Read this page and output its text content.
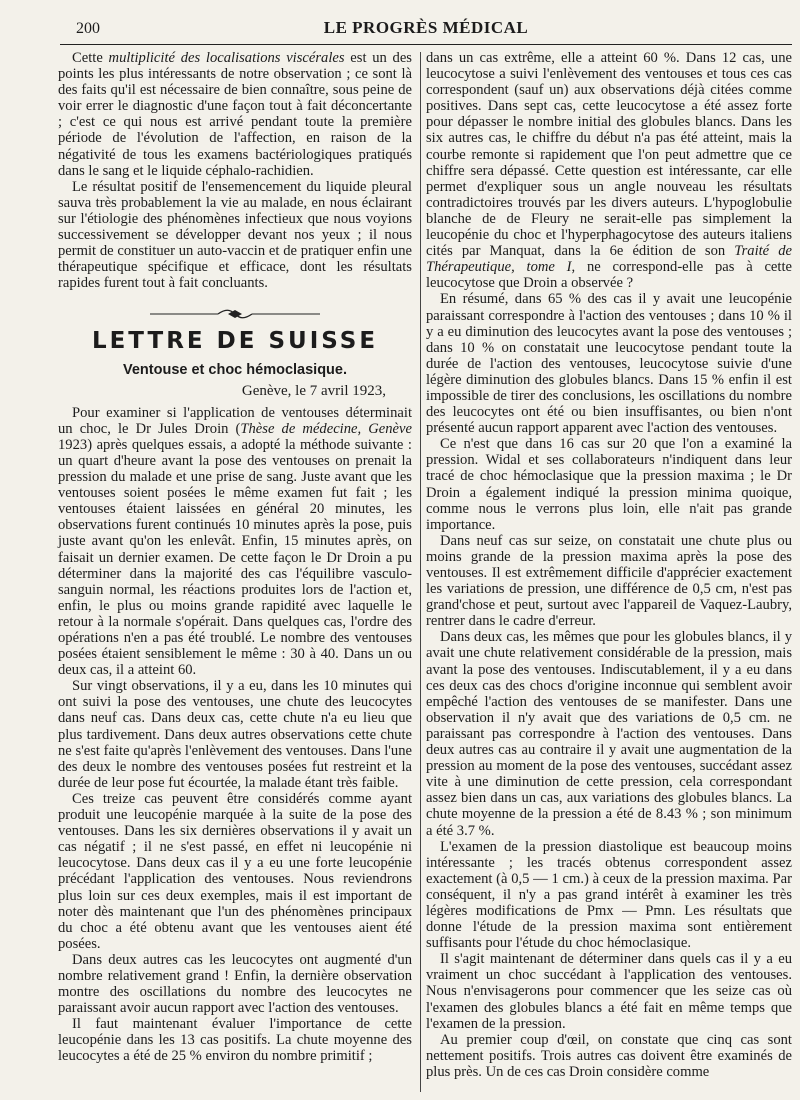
200	LE PROGRÈS MÉDICAL

Cette multiplicité des localisations viscérales est un des points les plus intéressants de notre observation ; ce sont là des faits qu'il est nécessaire de bien connaître, sous peine de voir errer le diagnostic d'une façon tout à fait déconcertante ; c'est ce qui nous est arrivé pendant toute la première période de l'évolution de l'affection, en raison de la négativité de tous les examens bactériologiques pratiqués dans le sang et le liquide céphalo-rachidien.

Le résultat positif de l'ensemencement du liquide pleural sauva très probablement la vie au malade, en nous éclairant sur l'étiologie des phénomènes infectieux que nous voyions successivement se développer devant nos yeux ; il nous permit de constituer un auto-vaccin et de pratiquer enfin une thérapeutique spécifique et efficace, dont les résultats rapides furent tout à fait concluants.

LETTRE DE SUISSE
Ventouse et choc hémoclasique.
Genève, le 7 avril 1923,

Pour examiner si l'application de ventouses déterminait un choc, le Dr Jules Droin (Thèse de médecine, Genève 1923) après quelques essais, a adopté la méthode suivante : un quart d'heure avant la pose des ventouses on prenait la pression du malade et une prise de sang. Juste avant que les ventouses soient posées le même examen fut fait ; les ventouses étaient laissées en général 20 minutes, les observations furent continués 10 minutes après la pose, puis juste avant qu'on les enlevât. Enfin, 15 minutes après, on faisait un dernier examen. De cette façon le Dr Droin a pu déterminer dans la majorité des cas l'équilibre vasculo-sanguin normal, les réactions produites lors de l'action et, enfin, le plus ou moins grande rapidité avec laquelle le retour à la normale s'opérait. Dans quelques cas, l'ordre des opérations n'en a pas été troublé. Le nombre des ventouses posées étaient sensiblement le même : 30 à 40. Dans un ou deux cas, il a atteint 60.

Sur vingt observations, il y a eu, dans les 10 minutes qui ont suivi la pose des ventouses, une chute des leucocytes dans neuf cas. Dans deux cas, cette chute n'a eu lieu que plus tardivement. Dans deux autres observations cette chute ne s'est faite qu'après l'enlèvement des ventouses. Dans l'une des deux le nombre des ventouses posées fut restreint et la durée de leur pose fut écourtée, la malade étant très faible.

Ces treize cas peuvent être considérés comme ayant produit une leucopénie marquée à la suite de la pose des ventouses. Dans les six dernières observations il y avait un cas négatif ; il ne s'est passé, en effet ni leucopénie ni leucocytose. Dans deux cas il y a eu une forte leucopénie précédant l'application des ventouses. Nous reviendrons plus loin sur ces deux exemples, mais il est important de noter dès maintenant que l'un des phénomènes principaux du choc a été obtenu avant que les ventouses aient été posées.

Dans deux autres cas les leucocytes ont augmenté d'un nombre relativement grand ! Enfin, la dernière observation montre des oscillations du nombre des leucocytes ne paraissant avoir aucun rapport avec l'action des ventouses.

Il faut maintenant évaluer l'importance de cette leucopénie dans les 13 cas positifs. La chute moyenne des leucocytes a été de 25 % environ du nombre primitif ;

dans un cas extrême, elle a atteint 60 %. Dans 12 cas, une leucocytose a suivi l'enlèvement des ventouses et tous ces cas correspondent (sauf un) aux observations déjà citées comme positives. Dans sept cas, cette leucocytose a été assez forte pour dépasser le nombre initial des globules blancs. Dans les six autres cas, le chiffre du début n'a pas été atteint, mais la courbe remonte si rapidement que l'on peut admettre que ce chiffre sera dépassé. Cette question est intéressante, car elle permet d'expliquer sous un angle nouveau les résultats contradictoires trouvés par les divers auteurs. L'hypoglobulie blanche de de Fleury ne serait-elle pas simplement la leucopénie du choc et l'hyperphagocytose des auteurs italiens cités par Manquat, dans la 6e édition de son Traité de Thérapeutique, tome I, ne correspond-elle pas à cette leucocytose que Droin a observée ?

En résumé, dans 65 % des cas il y avait une leucopénie paraissant correspondre à l'action des ventouses ; dans 10 % il y a eu diminution des leucocytes avant la pose des ventouses ; dans 10 % on constatait une leucocytose pendant toute la durée de l'action des ventouses, leucocytose suivie d'une légère diminution des globules blancs. Dans 15 % enfin il est impossible de tirer des conclusions, les oscillations du nombre des leucocytes ont été ou bien insuffisantes, ou bien n'ont présenté aucun rapport apparent avec l'action des ventouses.

Ce n'est que dans 16 cas sur 20 que l'on a examiné la pression. Widal et ses collaborateurs n'indiquent dans leur tracé de choc hémoclasique que la pression maxima ; le Dr Droin a également indiqué la pression minima quoique, comme nous le verrons plus loin, elle n'ait pas grande importance.

Dans neuf cas sur seize, on constatait une chute plus ou moins grande de la pression maxima après la pose des ventouses. Il est extrêmement difficile d'apprécier exactement les variations de pression, une différence de 0,5 cm, n'est pas grand'chose et peut, surtout avec l'appareil de Vaquez-Laubry, rentrer dans le cadre d'erreur.

Dans deux cas, les mêmes que pour les globules blancs, il y avait une chute relativement considérable de la pression, mais avant la pose des ventouses. Indiscutablement, il y a eu dans ces deux cas des chocs d'origine inconnue qui semblent avoir empêché l'action des ventouses de se manifester. Dans une observation il n'y avait que des variations de 0,5 cm. ne paraissant pas correspondre à l'action des ventouses. Dans deux autres cas au contraire il y avait une augmentation de la pression au moment de la pose des ventouses, succédant assez vite à une diminution de cette pression, cela correspondant assez bien dans un cas, aux variations des globules blancs. La chute moyenne de la pression a été de 8.43 % ; son minimum a été 3.7 %.

L'examen de la pression diastolique est beaucoup moins intéressante ; les tracés obtenus correspondent assez exactement (à 0,5 — 1 cm.) à ceux de la pression maxima. Par conséquent, il n'y a pas grand intérêt à examiner les très légères modifications de Pmx — Pmn. Les résultats que donne l'étude de la pression maxima sont entièrement suffisants pour l'étude du choc hémoclasique.

Il s'agit maintenant de déterminer dans quels cas il y a eu vraiment un choc succédant à l'application des ventouses. Nous n'envisagerons pour commencer que les seize cas où l'examen des globules blancs a été fait en même temps que l'examen de la pression.

Au premier coup d'œil, on constate que cinq cas sont nettement positifs. Trois autres cas doivent être examinés de plus près. Un de ces cas Droin considère comme
